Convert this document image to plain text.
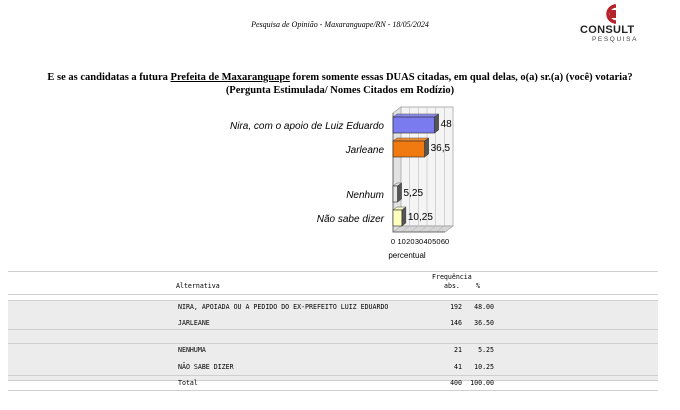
Pesquisa de Opinião - Maxaranguape/RN - 18/05/2024	CONSULT
PESQUISA
E se as candidatas a futura Prefeita de Maxaranguape forem somente essas DUAS citadas, em qual delas, o(a) sr.(a) (você) votaria?
(Pergunta Estimulada/ Nomes Citados em Rodízio)
48
Nira, com o apoio de Luiz Eduardo
36,5
Jarleane
5,25
Nenhum
10,25
Não sabe dizer
0 10 20 30 40 50 60
percentual
Frequência
Alternativa	abs. %
NIRA, APOIADA OU A PEDIDO DO EX-PREFEITO LUIZ EDUARDO	192	48.00
JARLEANE	146	36.50
NENHUMA	21	5.25
NÃO SABE DIZER	41	10.25
Total	400	100.00
